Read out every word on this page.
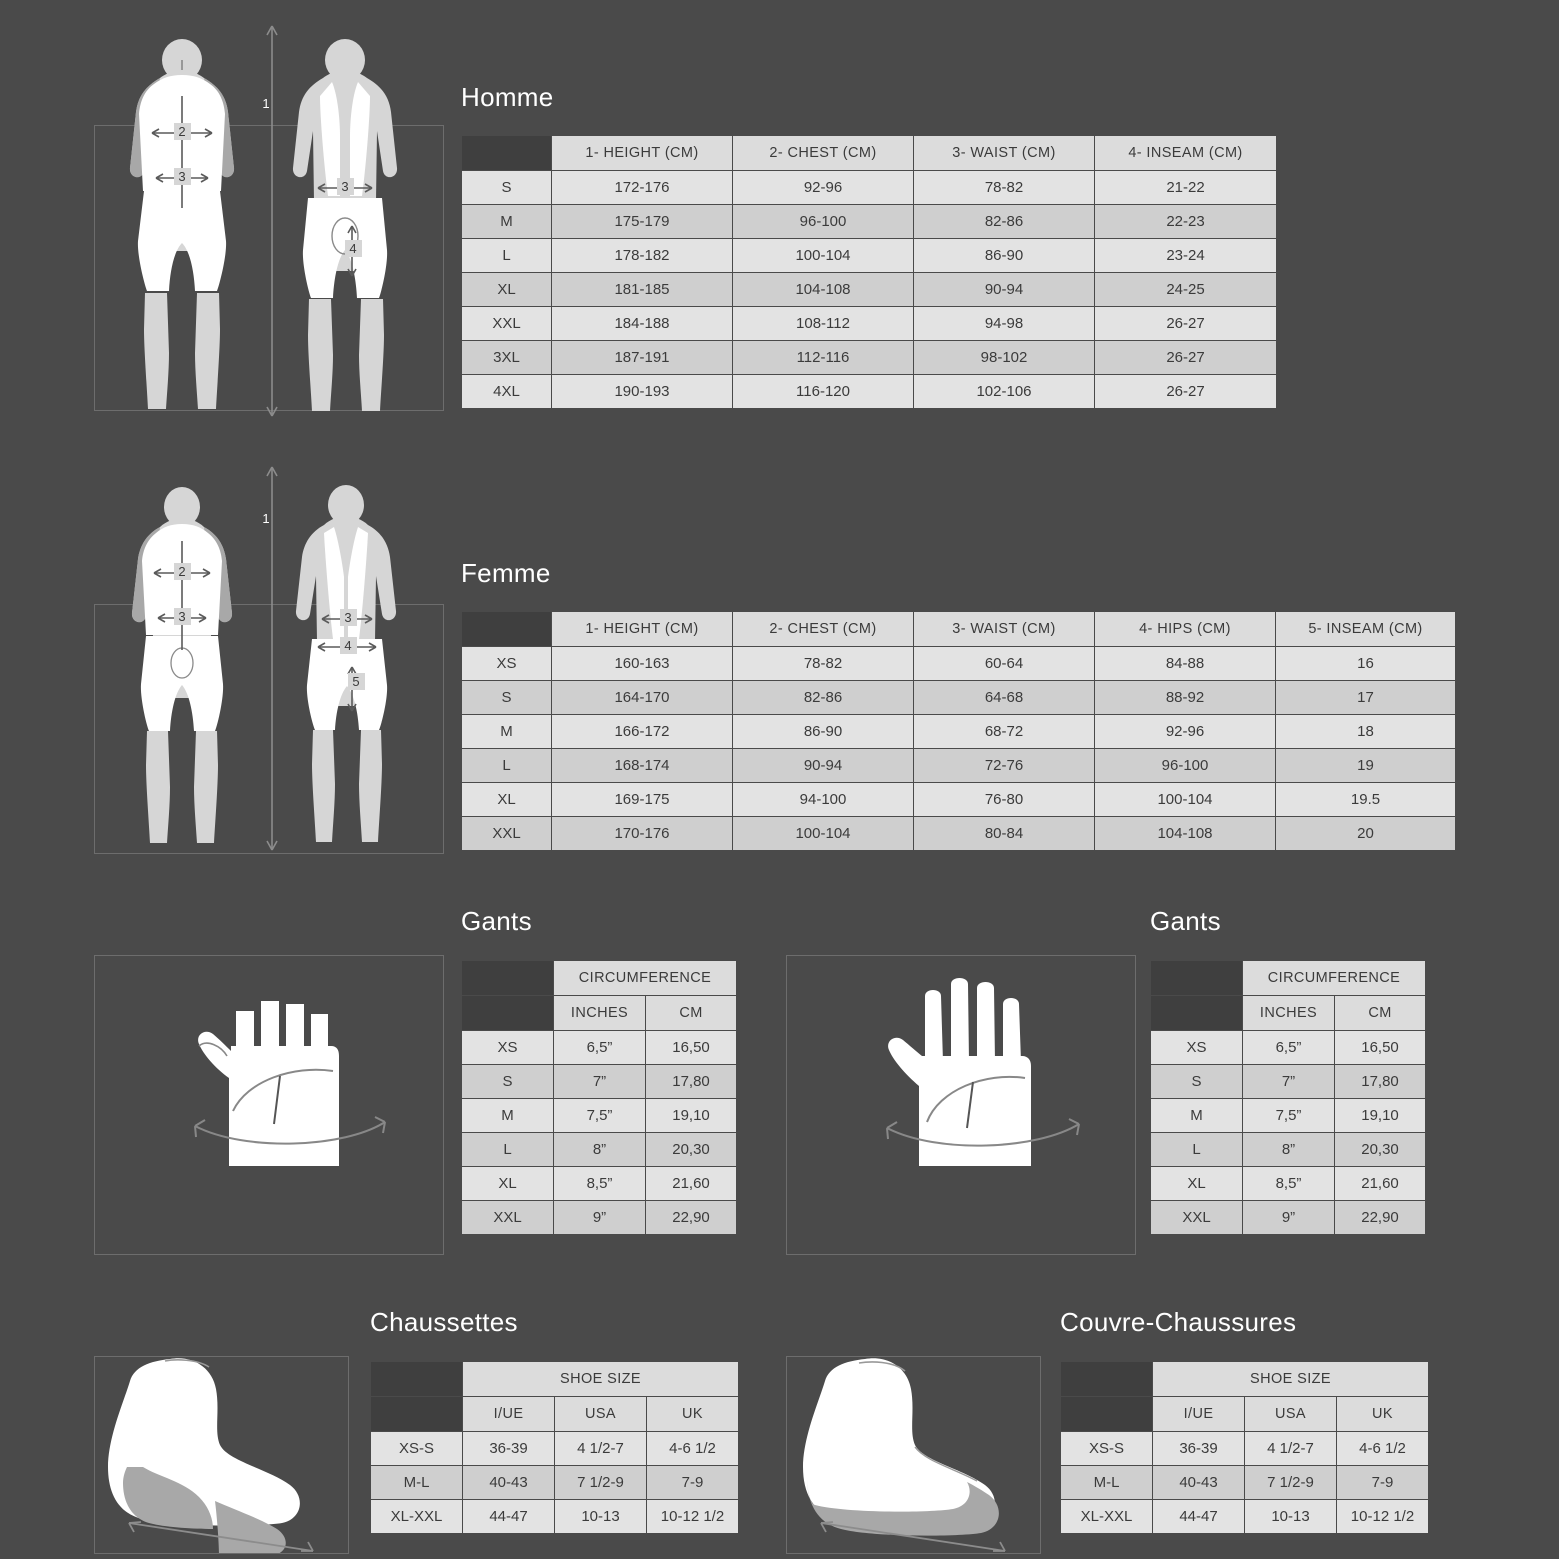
2
3
1
3
4
Homme
	1- HEIGHT (CM)	2- CHEST (CM)	3- WAIST (CM)	4- INSEAM (CM)
S	172-176	92-96	78-82	21-22
M	175-179	96-100	82-86	22-23
L	178-182	100-104	86-90	23-24
XL	181-185	104-108	90-94	24-25
XXL	184-188	108-112	94-98	26-27
3XL	187-191	112-116	98-102	26-27
4XL	190-193	116-120	102-106	26-27
2
3
1
3
4
5
Femme
	1- HEIGHT (CM)	2- CHEST (CM)	3- WAIST (CM)	4- HIPS (CM)	5- INSEAM (CM)
XS	160-163	78-82	60-64	84-88	16
S	164-170	82-86	64-68	88-92	17
M	166-172	86-90	68-72	92-96	18
L	168-174	90-94	72-76	96-100	19
XL	169-175	94-100	76-80	100-104	19.5
XXL	170-176	100-104	80-84	104-108	20
Gants
	CIRCUMFERENCE	
	INCHES	CM
XS	6,5”	16,50
S	7”	17,80
M	7,5”	19,10
L	8”	20,30
XL	8,5”	21,60
XXL	9”	22,90
Gants
	CIRCUMFERENCE	
	INCHES	CM
XS	6,5”	16,50
S	7”	17,80
M	7,5”	19,10
L	8”	20,30
XL	8,5”	21,60
XXL	9”	22,90
Chaussettes
	SHOE SIZE		
	I/UE	USA	UK
XS-S	36-39	4 1/2-7	4-6 1/2
M-L	40-43	7 1/2-9	7-9
XL-XXL	44-47	10-13	10-12 1/2
Couvre-Chaussures
	SHOE SIZE		
	I/UE	USA	UK
XS-S	36-39	4 1/2-7	4-6 1/2
M-L	40-43	7 1/2-9	7-9
XL-XXL	44-47	10-13	10-12 1/2
